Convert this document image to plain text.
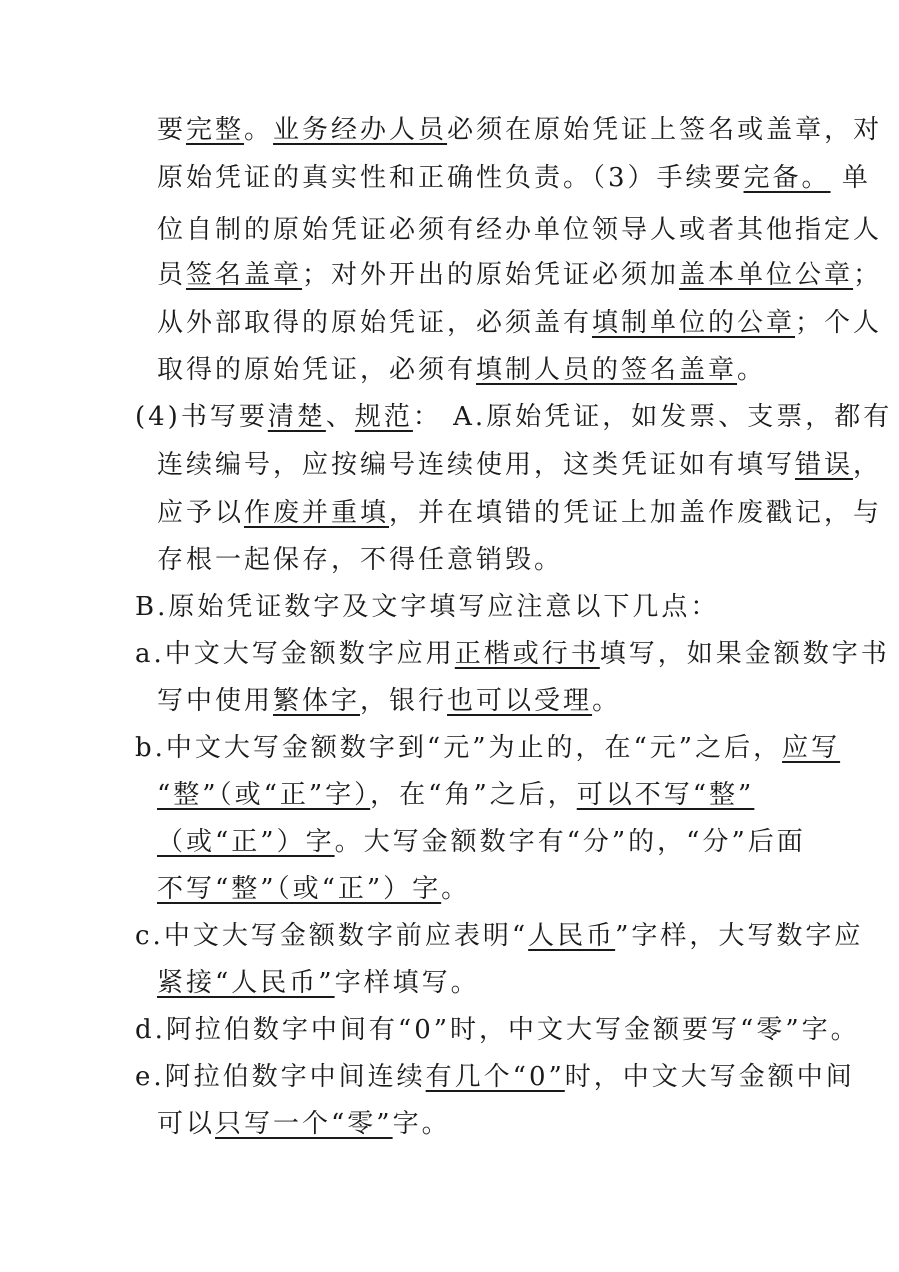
要完整。业务经办人员必须在原始凭证上签名或盖章，对
原始凭证的真实性和正确性负责。（3）手续要完备。 单
位自制的原始凭证必须有经办单位领导人或者其他指定人
员签名盖章；对外开出的原始凭证必须加盖本单位公章；
从外部取得的原始凭证，必须盖有填制单位的公章；个人
取得的原始凭证，必须有填制人员的签名盖章。
(4)书写要清楚、规范： A.原始凭证，如发票、支票，都有
连续编号，应按编号连续使用，这类凭证如有填写错误，
应予以作废并重填，并在填错的凭证上加盖作废戳记，与
存根一起保存，不得任意销毁。
B.原始凭证数字及文字填写应注意以下几点：
a.中文大写金额数字应用正楷或行书填写，如果金额数字书
写中使用繁体字，银行也可以受理。
b.中文大写金额数字到“元”为止的，在“元”之后，应写
“整”（或“正”字），在“角”之后，可以不写“整”
（或“正”）字。大写金额数字有“分”的，“分”后面
不写“整”（或“正”）字。
c.中文大写金额数字前应表明“人民币”字样，大写数字应
紧接“人民币”字样填写。
d.阿拉伯数字中间有“0”时，中文大写金额要写“零”字。
e.阿拉伯数字中间连续有几个“0”时，中文大写金额中间
可以只写一个“零”字。
